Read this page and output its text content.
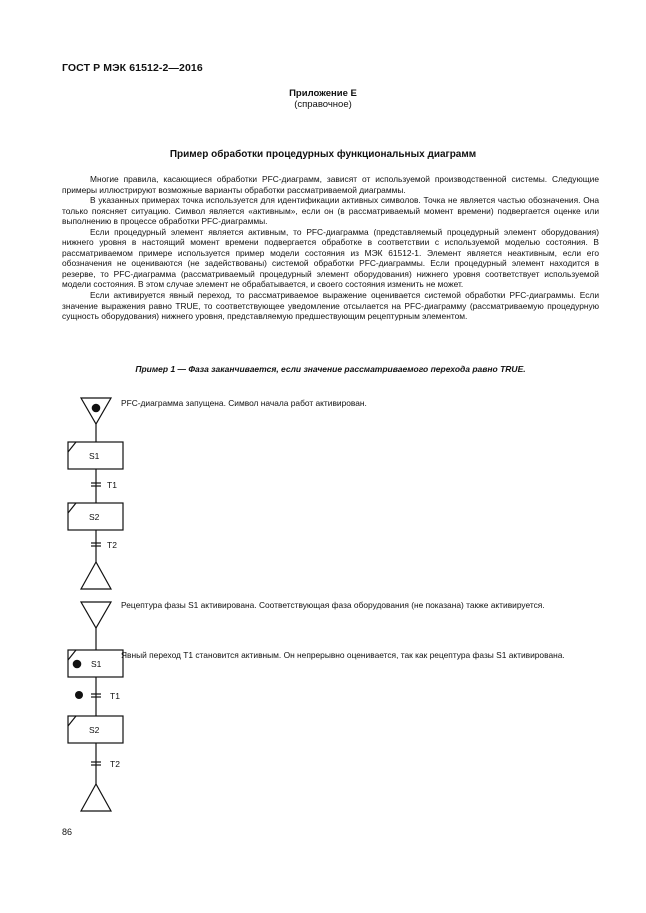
ГОСТ Р МЭК 61512-2—2016
Приложение Е
(справочное)
Пример обработки процедурных функциональных диаграмм

Многие правила, касающиеся обработки PFC-диаграмм, зависят от используемой производственной системы. Следующие примеры иллюстрируют возможные варианты обработки рассматриваемой диаграммы.

В указанных примерах точка используется для идентификации активных символов. Точка не является частью обозначения. Она только поясняет ситуацию. Символ является «активным», если он (в рассматриваемый момент времени) подвергается оценке или выполнению в процессе обработки PFC-диаграммы.

Если процедурный элемент является активным, то PFC-диаграмма (представляемый процедурный элемент оборудования) нижнего уровня в настоящий момент времени подвергается обработке в соответствии с используемой моделью состояния. В рассматриваемом примере используется пример модели состояния из МЭК 61512-1. Элемент является неактивным, если его обозначения не оцениваются (не задействованы) системой обработки PFC-диаграммы. Если процедурный элемент находится в резерве, то PFC-диаграмма (рассматриваемый процедурный элемент оборудования) нижнего уровня соответствует используемой модели состояния. В этом случае элемент не обрабатывается, и своего состояния изменить не может.

Если активируется явный переход, то рассматриваемое выражение оценивается системой обработки PFC-диаграммы. Если значение выражения равно TRUE, то соответствующее уведомление отсылается на PFC-диаграмму (рассматриваемую процедурную сущность оборудования) нижнего уровня, представляемую предшествующим рецептурным элементом.

Пример 1 — Фаза заканчивается, если значение рассматриваемого перехода равно TRUE.
S1
S2
T1
T2
S1
S2
T1
T2
PFC-диаграмма запущена. Символ начала работ активирован.
Рецептура фазы S1 активирована. Соответствующая фаза оборудования (не показана) также активируется.
Явный переход T1 становится активным. Он непрерывно оценивается, так как рецептура фазы S1 активирована.
86
